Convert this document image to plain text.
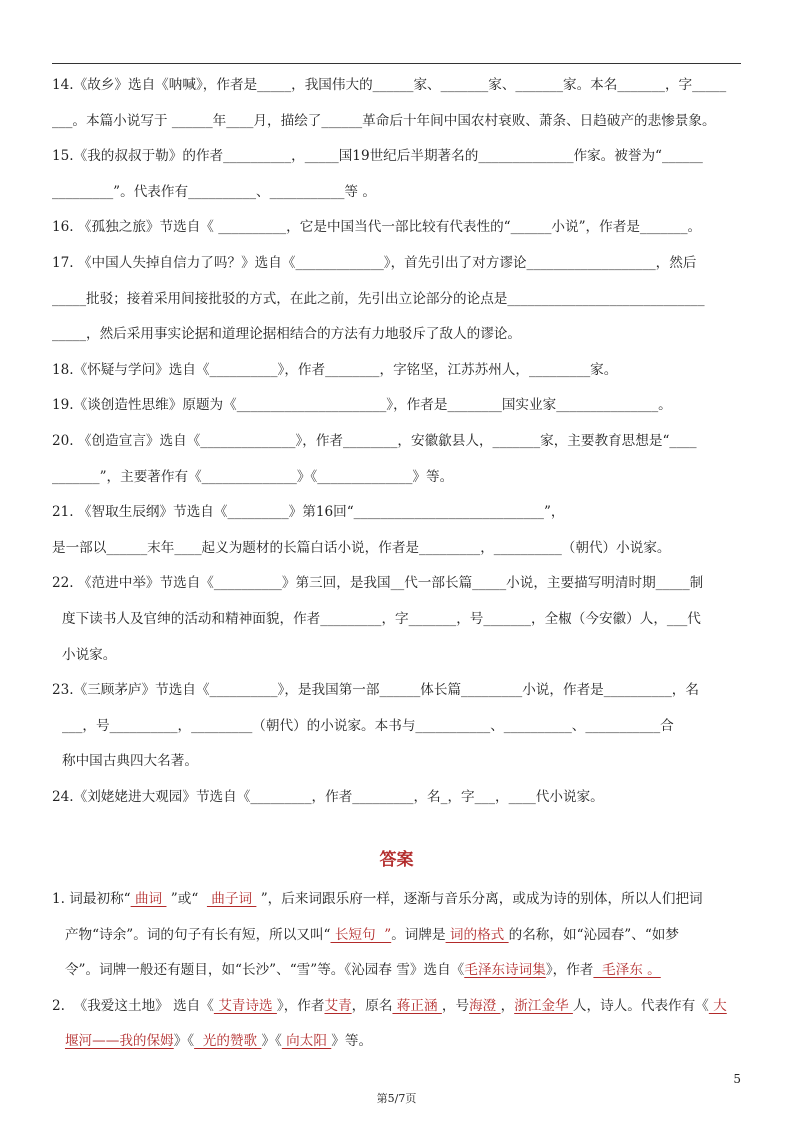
14.《故乡》选自《呐喊》，作者是_____，我国伟大的______家、_______家、_______家。本名_______，字_____
___。本篇小说写于 ______年____月，描绘了______革命后十年间中国农村衰败、萧条、日趋破产的悲惨景象。
15.《我的叔叔于勒》的作者__________，_____国19世纪后半期著名的______________作家。被誉为“______
_________”。代表作有__________、___________等 。
16. 《孤独之旅》节选自《 __________，它是中国当代一部比较有代表性的“______小说”，作者是_______。
17. 《中国人失掉自信力了吗？》选自《_____________》，首先引出了对方谬论___________________，然后
_____批驳；接着采用间接批驳的方式，在此之前，先引出立论部分的论点是_____________________________
_____，然后采用事实论据和道理论据相结合的方法有力地驳斥了敌人的谬论。
18.《怀疑与学问》选自《__________》，作者________，字铭坚，江苏苏州人，_________家。
19.《谈创造性思维》原题为《______________________》，作者是________国实业家_______________。
20. 《创造宣言》选自《______________》，作者________，安徽歙县人，_______家，主要教育思想是“____
_______”，主要著作有《______________》《______________》等。
21. 《智取生辰纲》节选自《_________》第16回“____________________________”，
是一部以______末年____起义为题材的长篇白话小说，作者是_________，__________（朝代）小说家。
22. 《范进中举》节选自《__________》第三回，是我国__代一部长篇_____小说，主要描写明清时期_____制
度下读书人及官绅的活动和精神面貌，作者_________，字_______，号_______，全椒（今安徽）人，___代
小说家。
23.《三顾茅庐》节选自《__________》，是我国第一部______体长篇_________小说，作者是__________，名
___，号__________，_________（朝代）的小说家。本书与___________、__________、___________合
称中国古典四大名著。
24.《刘姥姥进大观园》节选自《_________，作者_________，名_，字___，____代小说家。
答案
1. 词最初称“ 曲词  ”或“   曲子词  ”，后来词跟乐府一样，逐渐与音乐分离，或成为诗的别体，所以人们把词
产物“诗余”。词的句子有长有短，所以又叫“ 长短句  ”。词牌是 词的格式 的名称，如“沁园春”、“如梦
令”。词牌一般还有题目，如“长沙”、“雪”等。《沁园春 雪》选自《毛泽东诗词集》，作者  毛泽东 。
2.  《我爱这土地》 选自《 艾青诗选 》，作者艾青，原名 蒋正涵 ，号海澄 ，浙江金华 人，诗人。代表作有《 大
堰河——我的保姆》《  光的赞歌 》《 向太阳 》等。
5
第5/7页
